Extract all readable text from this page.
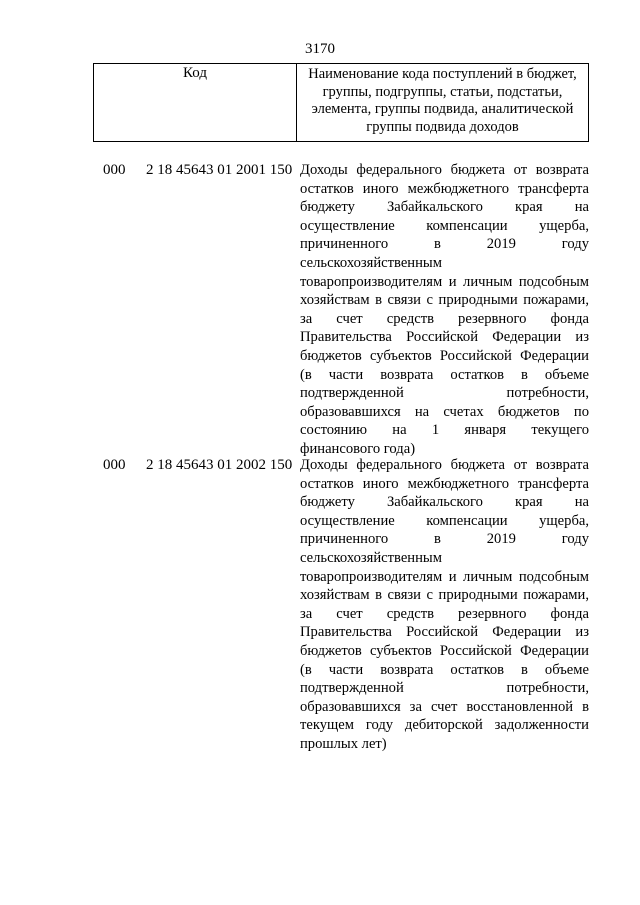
3170
Код	Наименование кода поступлений в бюджет,
группы, подгруппы, статьи, подстатьи,
элемента, группы подвида, аналитической
группы подвида доходов
000 2 18 45643 01 2001 150 Доходы федерального бюджета от возврата
остатков иного межбюджетного трансферта
бюджету Забайкальского края на
осуществление компенсации ущерба,
причиненного в 2019 году
сельскохозяйственным
товаропроизводителям и личным подсобным
хозяйствам в связи с природными пожарами,
за счет средств резервного фонда
Правительства Российской Федерации из
бюджетов субъектов Российской Федерации
(в части возврата остатков в объеме
подтвержденной потребности,
образовавшихся на счетах бюджетов по
состоянию на 1 января текущего
финансового года)
000 2 18 45643 01 2002 150 Доходы федерального бюджета от возврата
остатков иного межбюджетного трансферта
бюджету Забайкальского края на
осуществление компенсации ущерба,
причиненного в 2019 году
сельскохозяйственным
товаропроизводителям и личным подсобным
хозяйствам в связи с природными пожарами,
за счет средств резервного фонда
Правительства Российской Федерации из
бюджетов субъектов Российской Федерации
(в части возврата остатков в объеме
подтвержденной потребности,
образовавшихся за счет восстановленной в
текущем году дебиторской задолженности
прошлых лет)
